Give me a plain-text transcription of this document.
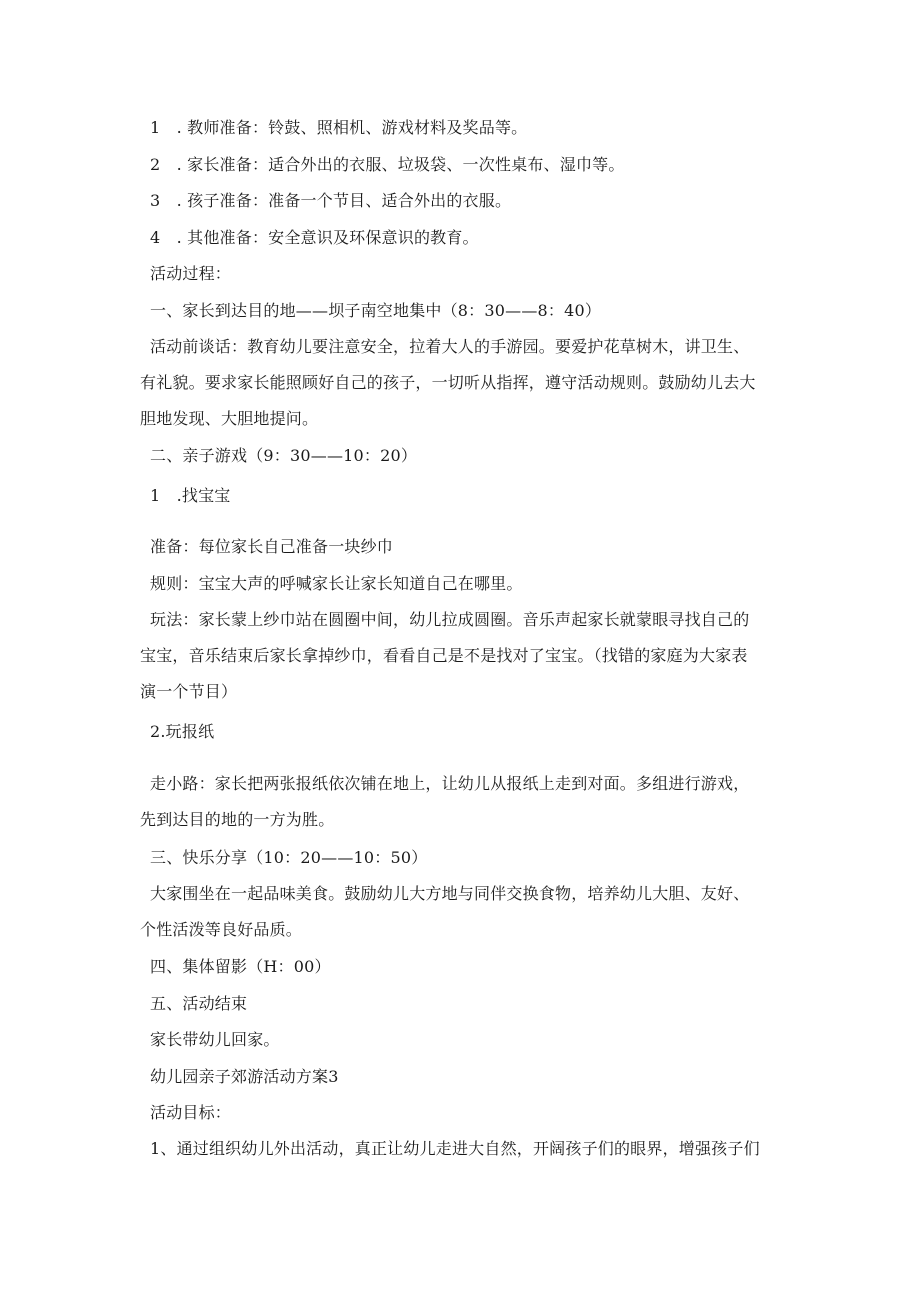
1　. 教师准备：铃鼓、照相机、游戏材料及奖品等。
2　. 家长准备：适合外出的衣服、垃圾袋、一次性桌布、湿巾等。
3　. 孩子准备：准备一个节目、适合外出的衣服。
4　. 其他准备：安全意识及环保意识的教育。
活动过程：
一、家长到达目的地——坝子南空地集中（8：30——8：40）
活动前谈话：教育幼儿要注意安全，拉着大人的手游园。要爱护花草树木，讲卫生、
有礼貌。要求家长能照顾好自己的孩子，一切听从指挥，遵守活动规则。鼓励幼儿去大
胆地发现、大胆地提问。
二、亲子游戏（9：30——10：20）
1　.找宝宝
准备：每位家长自己准备一块纱巾
规则：宝宝大声的呼喊家长让家长知道自己在哪里。
玩法：家长蒙上纱巾站在圆圈中间，幼儿拉成圆圈。音乐声起家长就蒙眼寻找自己的
宝宝，音乐结束后家长拿掉纱巾，看看自己是不是找对了宝宝。（找错的家庭为大家表
演一个节目）
2.玩报纸
走小路：家长把两张报纸依次铺在地上，让幼儿从报纸上走到对面。多组进行游戏，
先到达目的地的一方为胜。
三、快乐分享（10：20——10：50）
大家围坐在一起品味美食。鼓励幼儿大方地与同伴交换食物，培养幼儿大胆、友好、
个性活泼等良好品质。
四、集体留影（H：00）
五、活动结束
家长带幼儿回家。
幼儿园亲子郊游活动方案3
活动目标：
1、通过组织幼儿外出活动，真正让幼儿走进大自然，开阔孩子们的眼界，增强孩子们
